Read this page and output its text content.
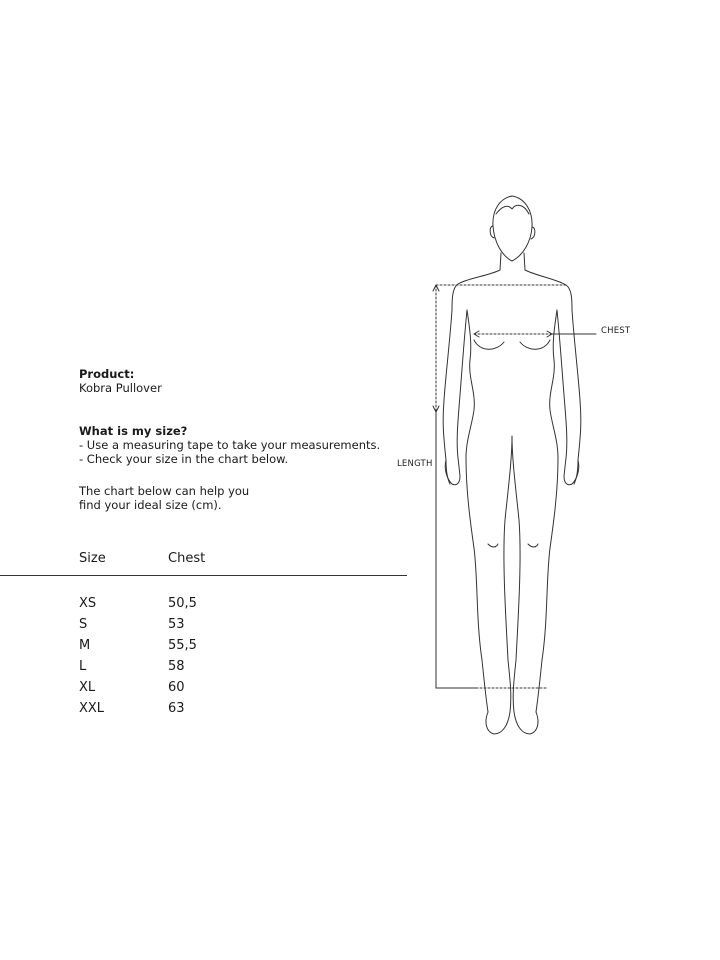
Product:

Kobra Pullover

What is my size?

- Use a measuring tape to take your measurements.

- Check your size in the chart below.

The chart below can help you

find your ideal size (cm).

Size	Chest
XS	50,5
S	53
M	55,5
L	58
XL	60
XXL	63
CHEST
LENGTH
